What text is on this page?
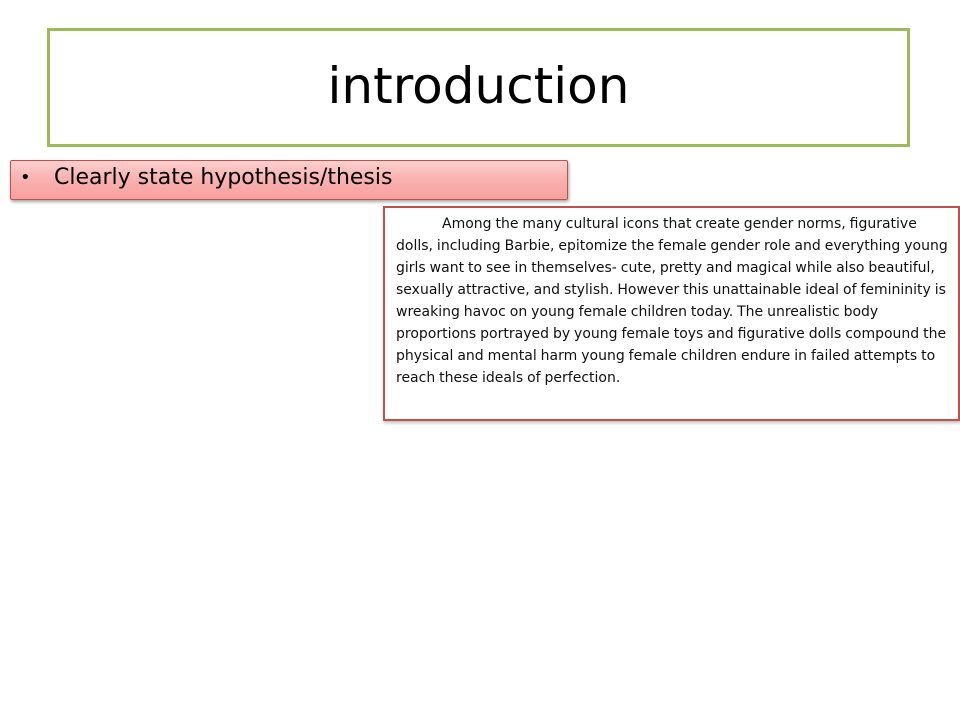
introduction
•	Clearly state hypothesis/thesis

Among the many cultural icons that create gender norms, figurative dolls, including Barbie, epitomize the female gender role and everything young girls want to see in themselves- cute, pretty and magical while also beautiful, sexually attractive, and stylish. However this unattainable ideal of femininity is wreaking havoc on young female children today. The unrealistic body proportions portrayed by young female toys and figurative dolls compound the physical and mental harm young female children endure in failed attempts to reach these ideals of perfection.
